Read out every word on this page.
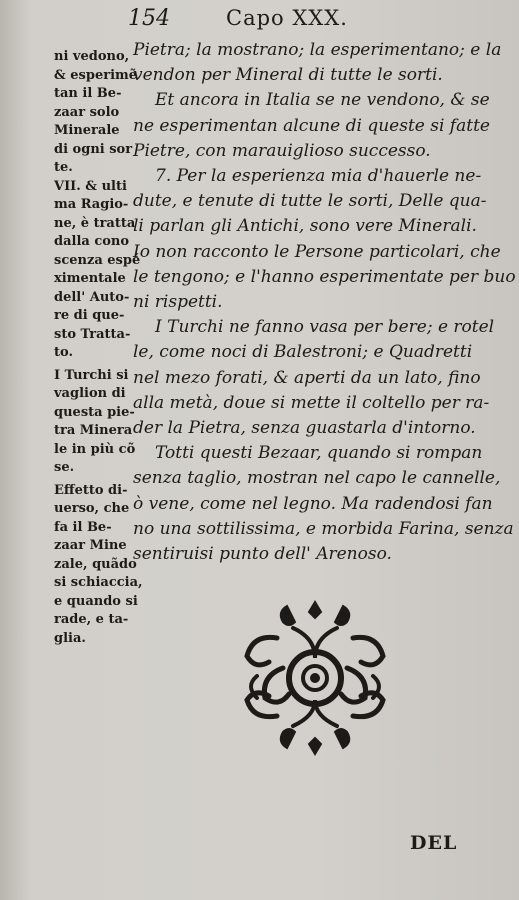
154	Capo XXX.
ni vedono,
& esperimẽ
tan il Be-
zaar solo
Minerale
di ogni sor
te.
VII. & ulti
ma Ragio-
ne, è tratta
dalla cono
scenza espé
ximentale
dell' Auto-
re di que-
sto Tratta-
to.
I Turchi si
vaglion di
questa pie-
tra Minera
le in più cõ
se.
Effetto di-
uerso, che
fa il Be-
zaar Mine
zale, quãdo
si schiaccia,
e quando si
rade, e ta-
glia.
Pietra; la mostrano; la esperimentano; e la
vendon per Mineral di tutte le sorti.
Et ancora in Italia se ne vendono, & se
ne esperimentan alcune di queste si fatte
Pietre, con marauiglioso successo.
7. Per la esperienza mia d'hauerle ne-
dute, e tenute di tutte le sorti, Delle qua-
li parlan gli Antichi, sono vere Minerali.
Io non racconto le Persone particolari, che
le tengono; e l'hanno esperimentate per buo
ni rispetti.
I Turchi ne fanno vasa per bere; e rotel
le, come noci di Balestroni; e Quadretti
nel mezo forati, & aperti da un lato, fino
alla metà, doue si mette il coltello per ra-
der la Pietra, senza guastarla d'intorno.
Totti questi Bezaar, quando si rompan
senza taglio, mostran nel capo le cannelle,
ò vene, come nel legno. Ma radendosi fan
no una sottilissima, e morbida Farina, senza
sentiruisi punto dell' Arenoso.
DEL
